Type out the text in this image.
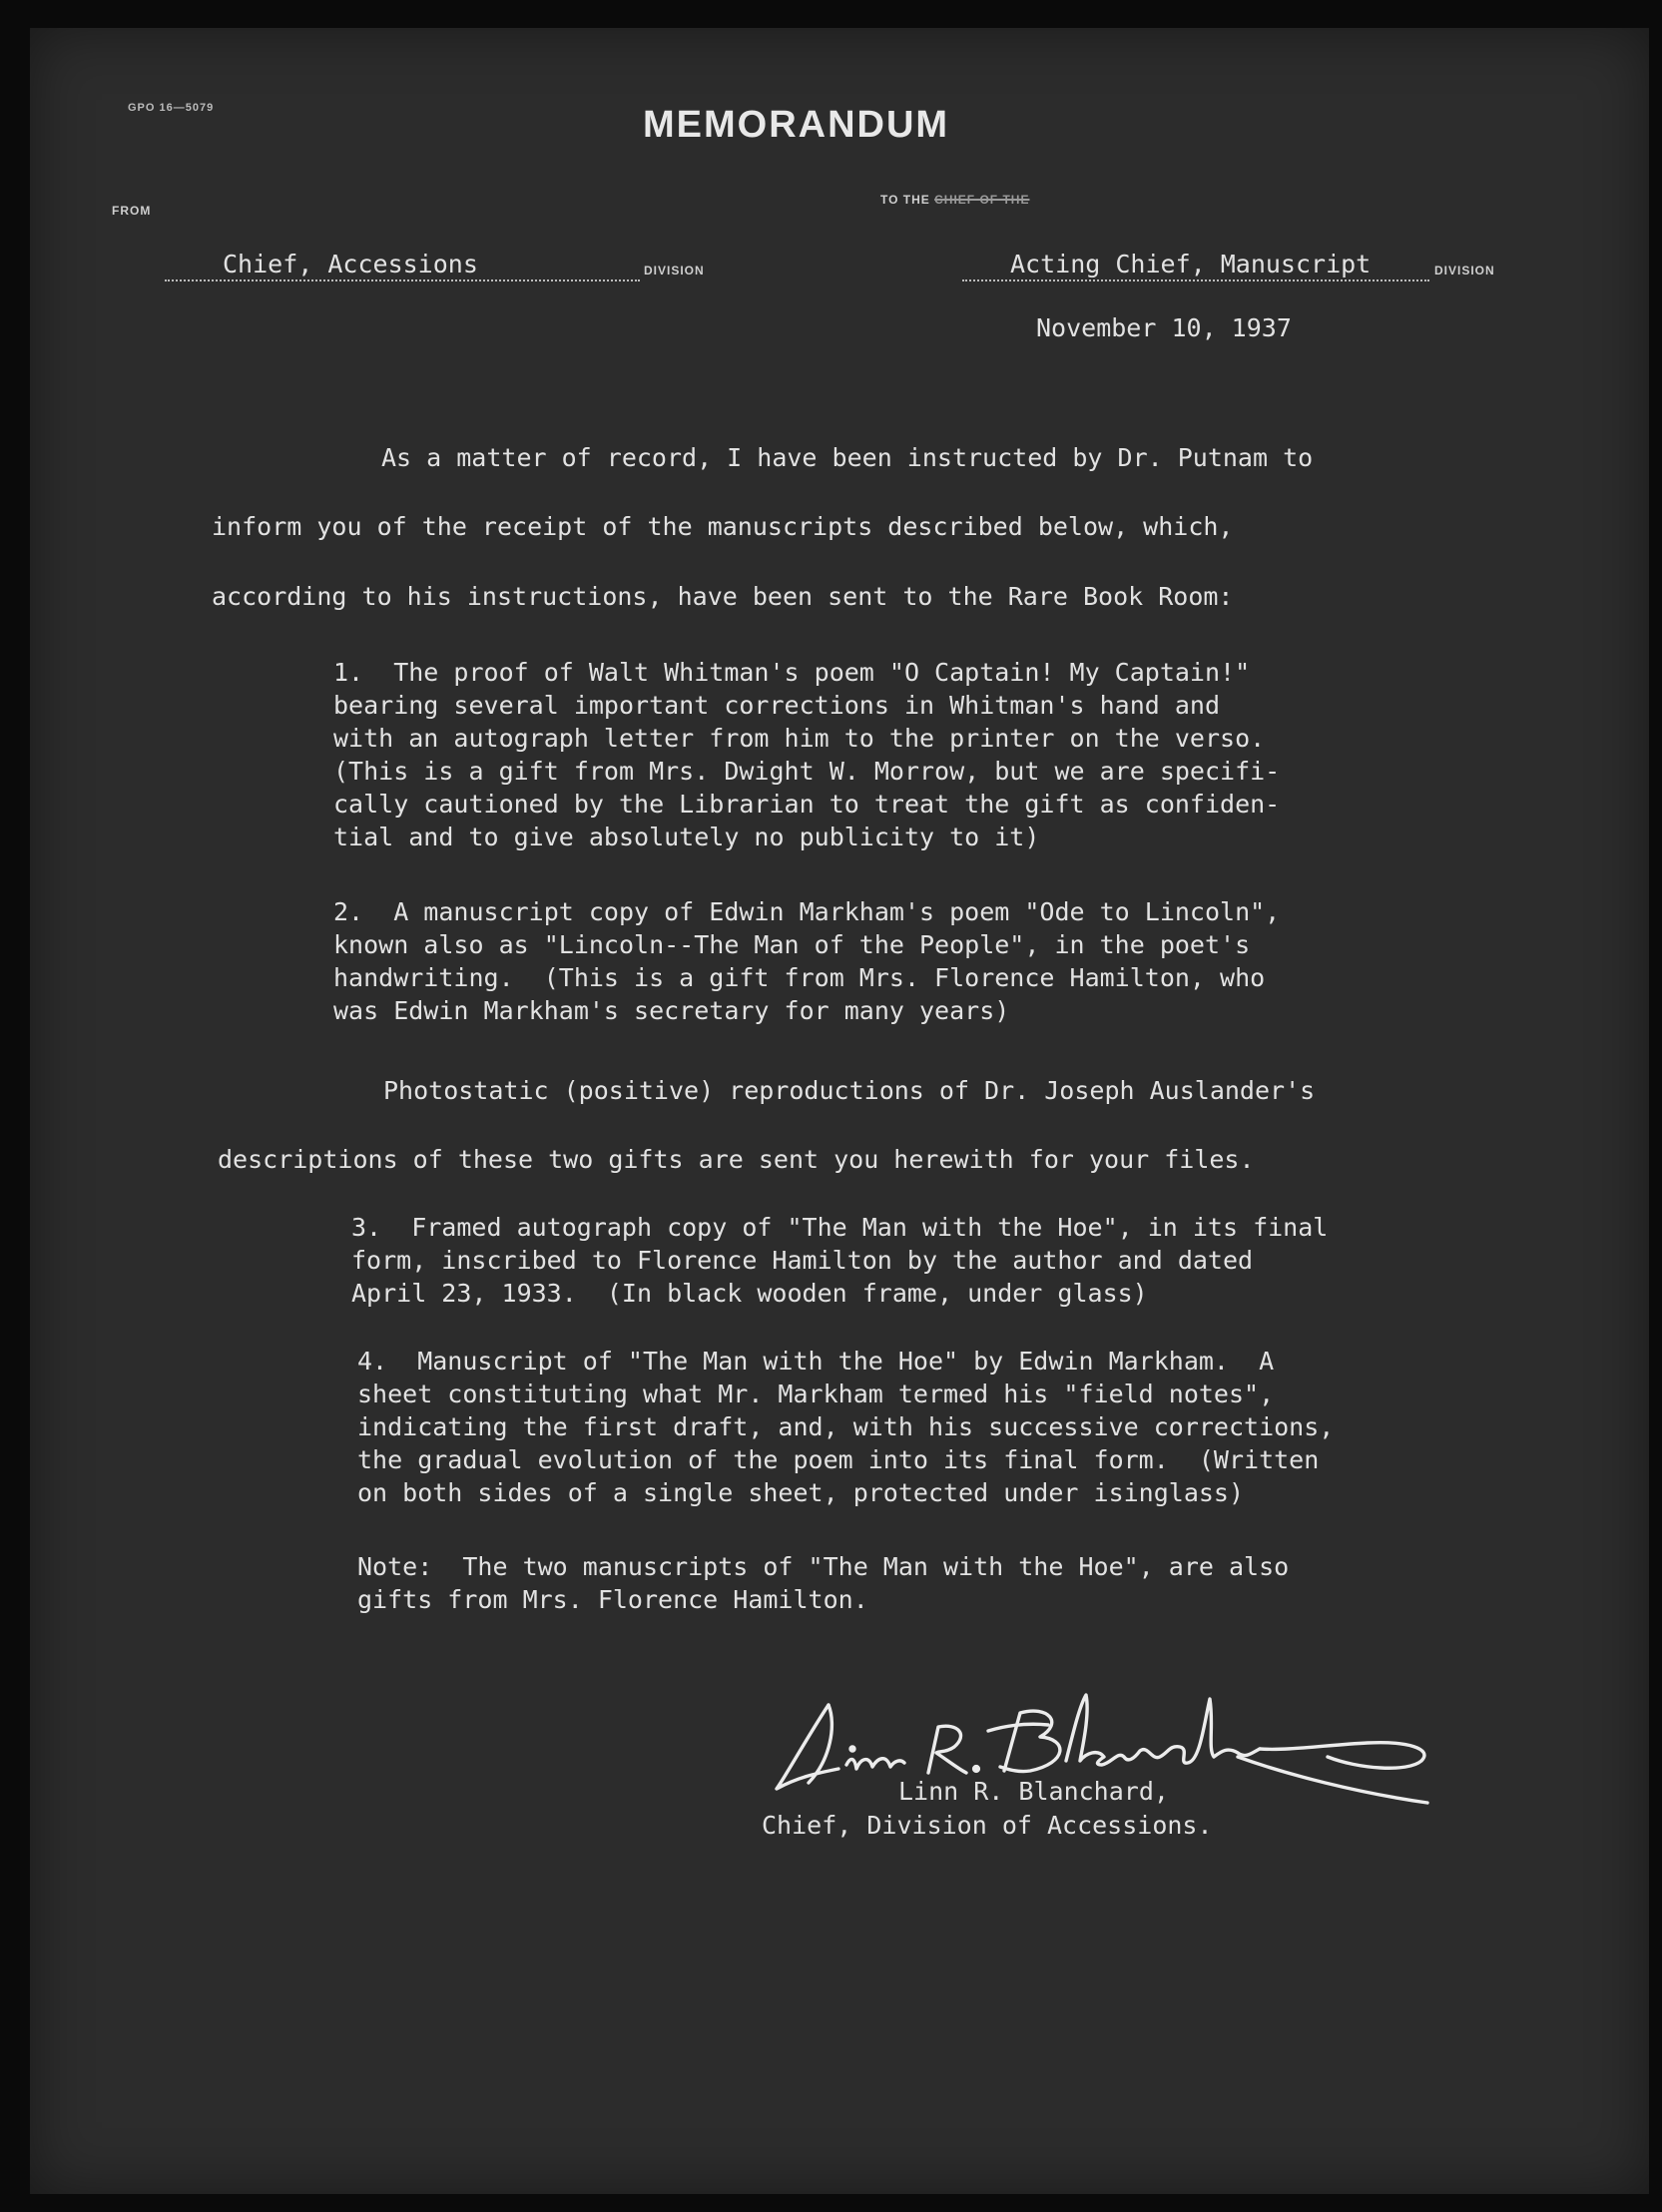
GPO 16—5079	MEMORANDUM
FROM
TO THE CHIEF OF THE
Chief, Accessions	DIVISION	Acting Chief, Manuscript	DIVISION
November 10, 1937
As a matter of record, I have been instructed by Dr. Putnam to
inform you of the receipt of the manuscripts described below, which,
according to his instructions, have been sent to the Rare Book Room:
1.  The proof of Walt Whitman's poem "O Captain! My Captain!"
bearing several important corrections in Whitman's hand and
with an autograph letter from him to the printer on the verso.
(This is a gift from Mrs. Dwight W. Morrow, but we are specifi-
cally cautioned by the Librarian to treat the gift as confiden-
tial and to give absolutely no publicity to it)
2.  A manuscript copy of Edwin Markham's poem "Ode to Lincoln",
known also as "Lincoln--The Man of the People", in the poet's
handwriting.  (This is a gift from Mrs. Florence Hamilton, who
was Edwin Markham's secretary for many years)
Photostatic (positive) reproductions of Dr. Joseph Auslander's
descriptions of these two gifts are sent you herewith for your files.
3.  Framed autograph copy of "The Man with the Hoe", in its final
form, inscribed to Florence Hamilton by the author and dated
April 23, 1933.  (In black wooden frame, under glass)
4.  Manuscript of "The Man with the Hoe" by Edwin Markham.  A
sheet constituting what Mr. Markham termed his "field notes",
indicating the first draft, and, with his successive corrections,
the gradual evolution of the poem into its final form.  (Written
on both sides of a single sheet, protected under isinglass)
Note:  The two manuscripts of "The Man with the Hoe", are also
gifts from Mrs. Florence Hamilton.
Linn R. Blanchard,
Chief, Division of Accessions.
